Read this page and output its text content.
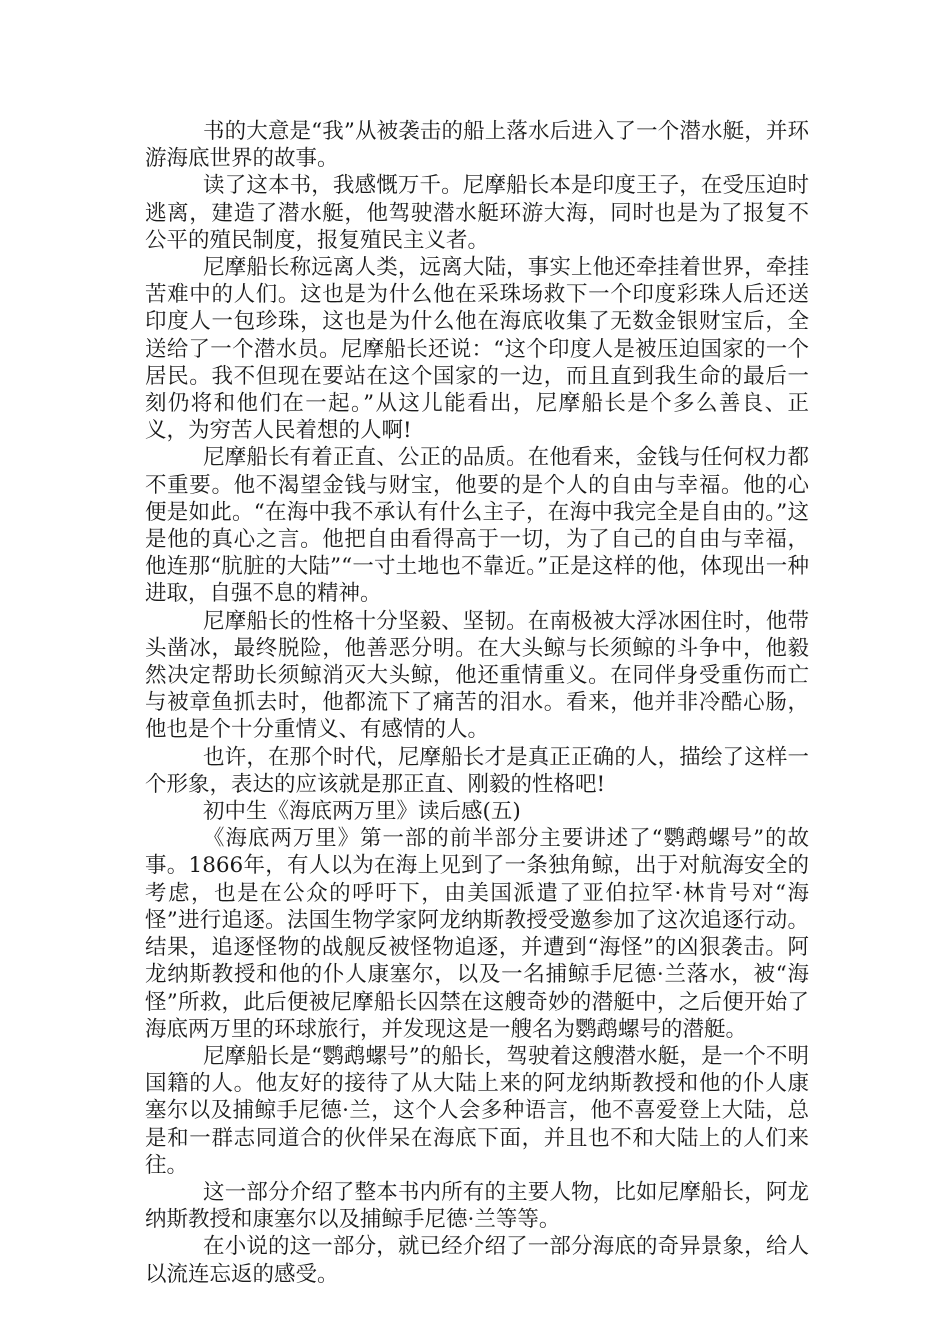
书的大意是“我”从被袭击的船上落水后进入了一个潜水艇，并环游海底世界的故事。

读了这本书，我感慨万千。尼摩船长本是印度王子，在受压迫时逃离，建造了潜水艇，他驾驶潜水艇环游大海，同时也是为了报复不公平的殖民制度，报复殖民主义者。

尼摩船长称远离人类，远离大陆，事实上他还牵挂着世界，牵挂苦难中的人们。这也是为什么他在采珠场救下一个印度彩珠人后还送印度人一包珍珠，这也是为什么他在海底收集了无数金银财宝后，全送给了一个潜水员。尼摩船长还说：“这个印度人是被压迫国家的一个居民。我不但现在要站在这个国家的一边，而且直到我生命的最后一刻仍将和他们在一起。”从这儿能看出，尼摩船长是个多么善良、正义，为穷苦人民着想的人啊!

尼摩船长有着正直、公正的品质。在他看来，金钱与任何权力都不重要。他不渴望金钱与财宝，他要的是个人的自由与幸福。他的心便是如此。“在海中我不承认有什么主子，在海中我完全是自由的。”这是他的真心之言。他把自由看得高于一切，为了自己的自由与幸福，他连那“肮脏的大陆”“一寸土地也不靠近。”正是这样的他，体现出一种进取，自强不息的精神。

尼摩船长的性格十分坚毅、坚韧。在南极被大浮冰困住时，他带头凿冰，最终脱险，他善恶分明。在大头鲸与长须鲸的斗争中，他毅然决定帮助长须鲸消灭大头鲸，他还重情重义。在同伴身受重伤而亡与被章鱼抓去时，他都流下了痛苦的泪水。看来，他并非冷酷心肠，他也是个十分重情义、有感情的人。

也许，在那个时代，尼摩船长才是真正正确的人，描绘了这样一个形象，表达的应该就是那正直、刚毅的性格吧!

初中生《海底两万里》读后感(五)

《海底两万里》第一部的前半部分主要讲述了“鹦鹉螺号”的故事。1866年，有人以为在海上见到了一条独角鲸，出于对航海安全的考虑，也是在公众的呼吁下，由美国派遣了亚伯拉罕·林肯号对“海怪”进行追逐。法国生物学家阿龙纳斯教授受邀参加了这次追逐行动。结果，追逐怪物的战舰反被怪物追逐，并遭到“海怪”的凶狠袭击。阿龙纳斯教授和他的仆人康塞尔，以及一名捕鲸手尼德·兰落水，被“海怪”所救，此后便被尼摩船长囚禁在这艘奇妙的潜艇中，之后便开始了海底两万里的环球旅行，并发现这是一艘名为鹦鹉螺号的潜艇。

尼摩船长是“鹦鹉螺号”的船长，驾驶着这艘潜水艇，是一个不明国籍的人。他友好的接待了从大陆上来的阿龙纳斯教授和他的仆人康塞尔以及捕鲸手尼德·兰，这个人会多种语言，他不喜爱登上大陆，总是和一群志同道合的伙伴呆在海底下面，并且也不和大陆上的人们来往。

这一部分介绍了整本书内所有的主要人物，比如尼摩船长，阿龙纳斯教授和康塞尔以及捕鲸手尼德·兰等等。

在小说的这一部分，就已经介绍了一部分海底的奇异景象，给人以流连忘返的感受。
